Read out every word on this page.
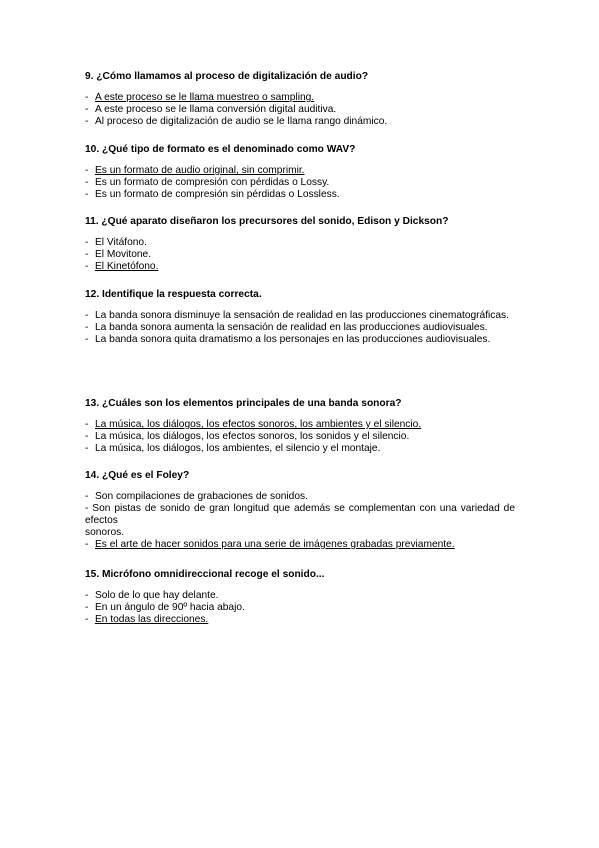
9. ¿Cómo llamamos al proceso de digitalización de audio?

- A este proceso se le llama muestreo o sampling.
- A este proceso se le llama conversión digital auditiva.
- Al proceso de digitalización de audio se le llama rango dinámico.

10. ¿Qué tipo de formato es el denominado como WAV?

- Es un formato de audio original, sin comprimir.
- Es un formato de compresión con pérdidas o Lossy.
- Es un formato de compresión sin pérdidas o Lossless.

11. ¿Qué aparato diseñaron los precursores del sonido, Edison y Dickson?

- El Vitáfono.
- El Movitone.
- El Kinetófono.

12. Identifique la respuesta correcta.

- La banda sonora disminuye la sensación de realidad en las producciones cinematográficas.
- La banda sonora aumenta la sensación de realidad en las producciones audiovisuales.
- La banda sonora quita dramatismo a los personajes en las producciones audiovisuales.

13. ¿Cuáles son los elementos principales de una banda sonora?

- La música, los diálogos, los efectos sonoros, los ambientes y el silencio.
- La música, los diálogos, los efectos sonoros, los sonidos y el silencio.
- La música, los diálogos, los ambientes, el silencio y el montaje.

14. ¿Qué es el Foley?

- Son compilaciones de grabaciones de sonidos.
- Son pistas de sonido de gran longitud que además se complementan con una variedad de efectos
sonoros.
- Es el arte de hacer sonidos para una serie de imágenes grabadas previamente.

15. Micrófono omnidireccional recoge el sonido...

- Solo de lo que hay delante.
- En un ángulo de 90º hacia abajo.
- En todas las direcciones.
